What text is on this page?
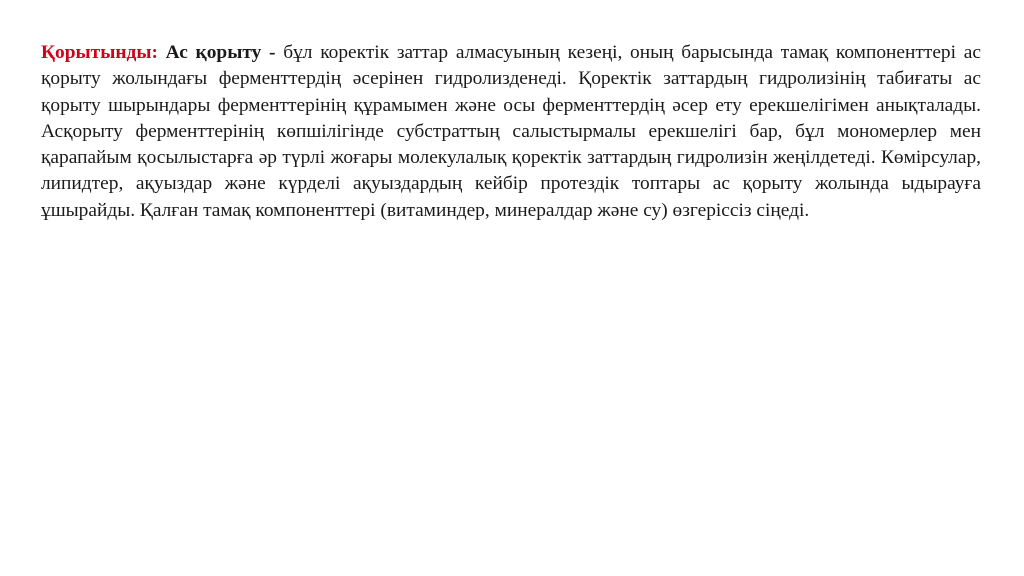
Қорытынды: Ас қорыту - бұл коректік заттар алмасуының кезеңі, оның барысында тамақ компоненттері ас қорыту жолындағы ферменттердің әсерінен гидролизденеді. Қоректік заттардың гидролизінің табиғаты ас қорыту шырындары ферменттерінің құрамымен және осы ферменттердің әсер ету ерекшелігімен анықталады. Асқорыту ферменттерінің көпшілігінде субстраттың салыстырмалы ерекшелігі бар, бұл мономерлер мен қарапайым қосылыстарға әр түрлі жоғары молекулалық қоректік заттардың гидролизін жеңілдетеді. Көмірсулар, липидтер, ақуыздар және күрделі ақуыздардың кейбір протездік топтары ас қорыту жолында ыдырауға ұшырайды. Қалған тамақ компоненттері (витаминдер, минералдар және су) өзгеріссіз сіңеді.
